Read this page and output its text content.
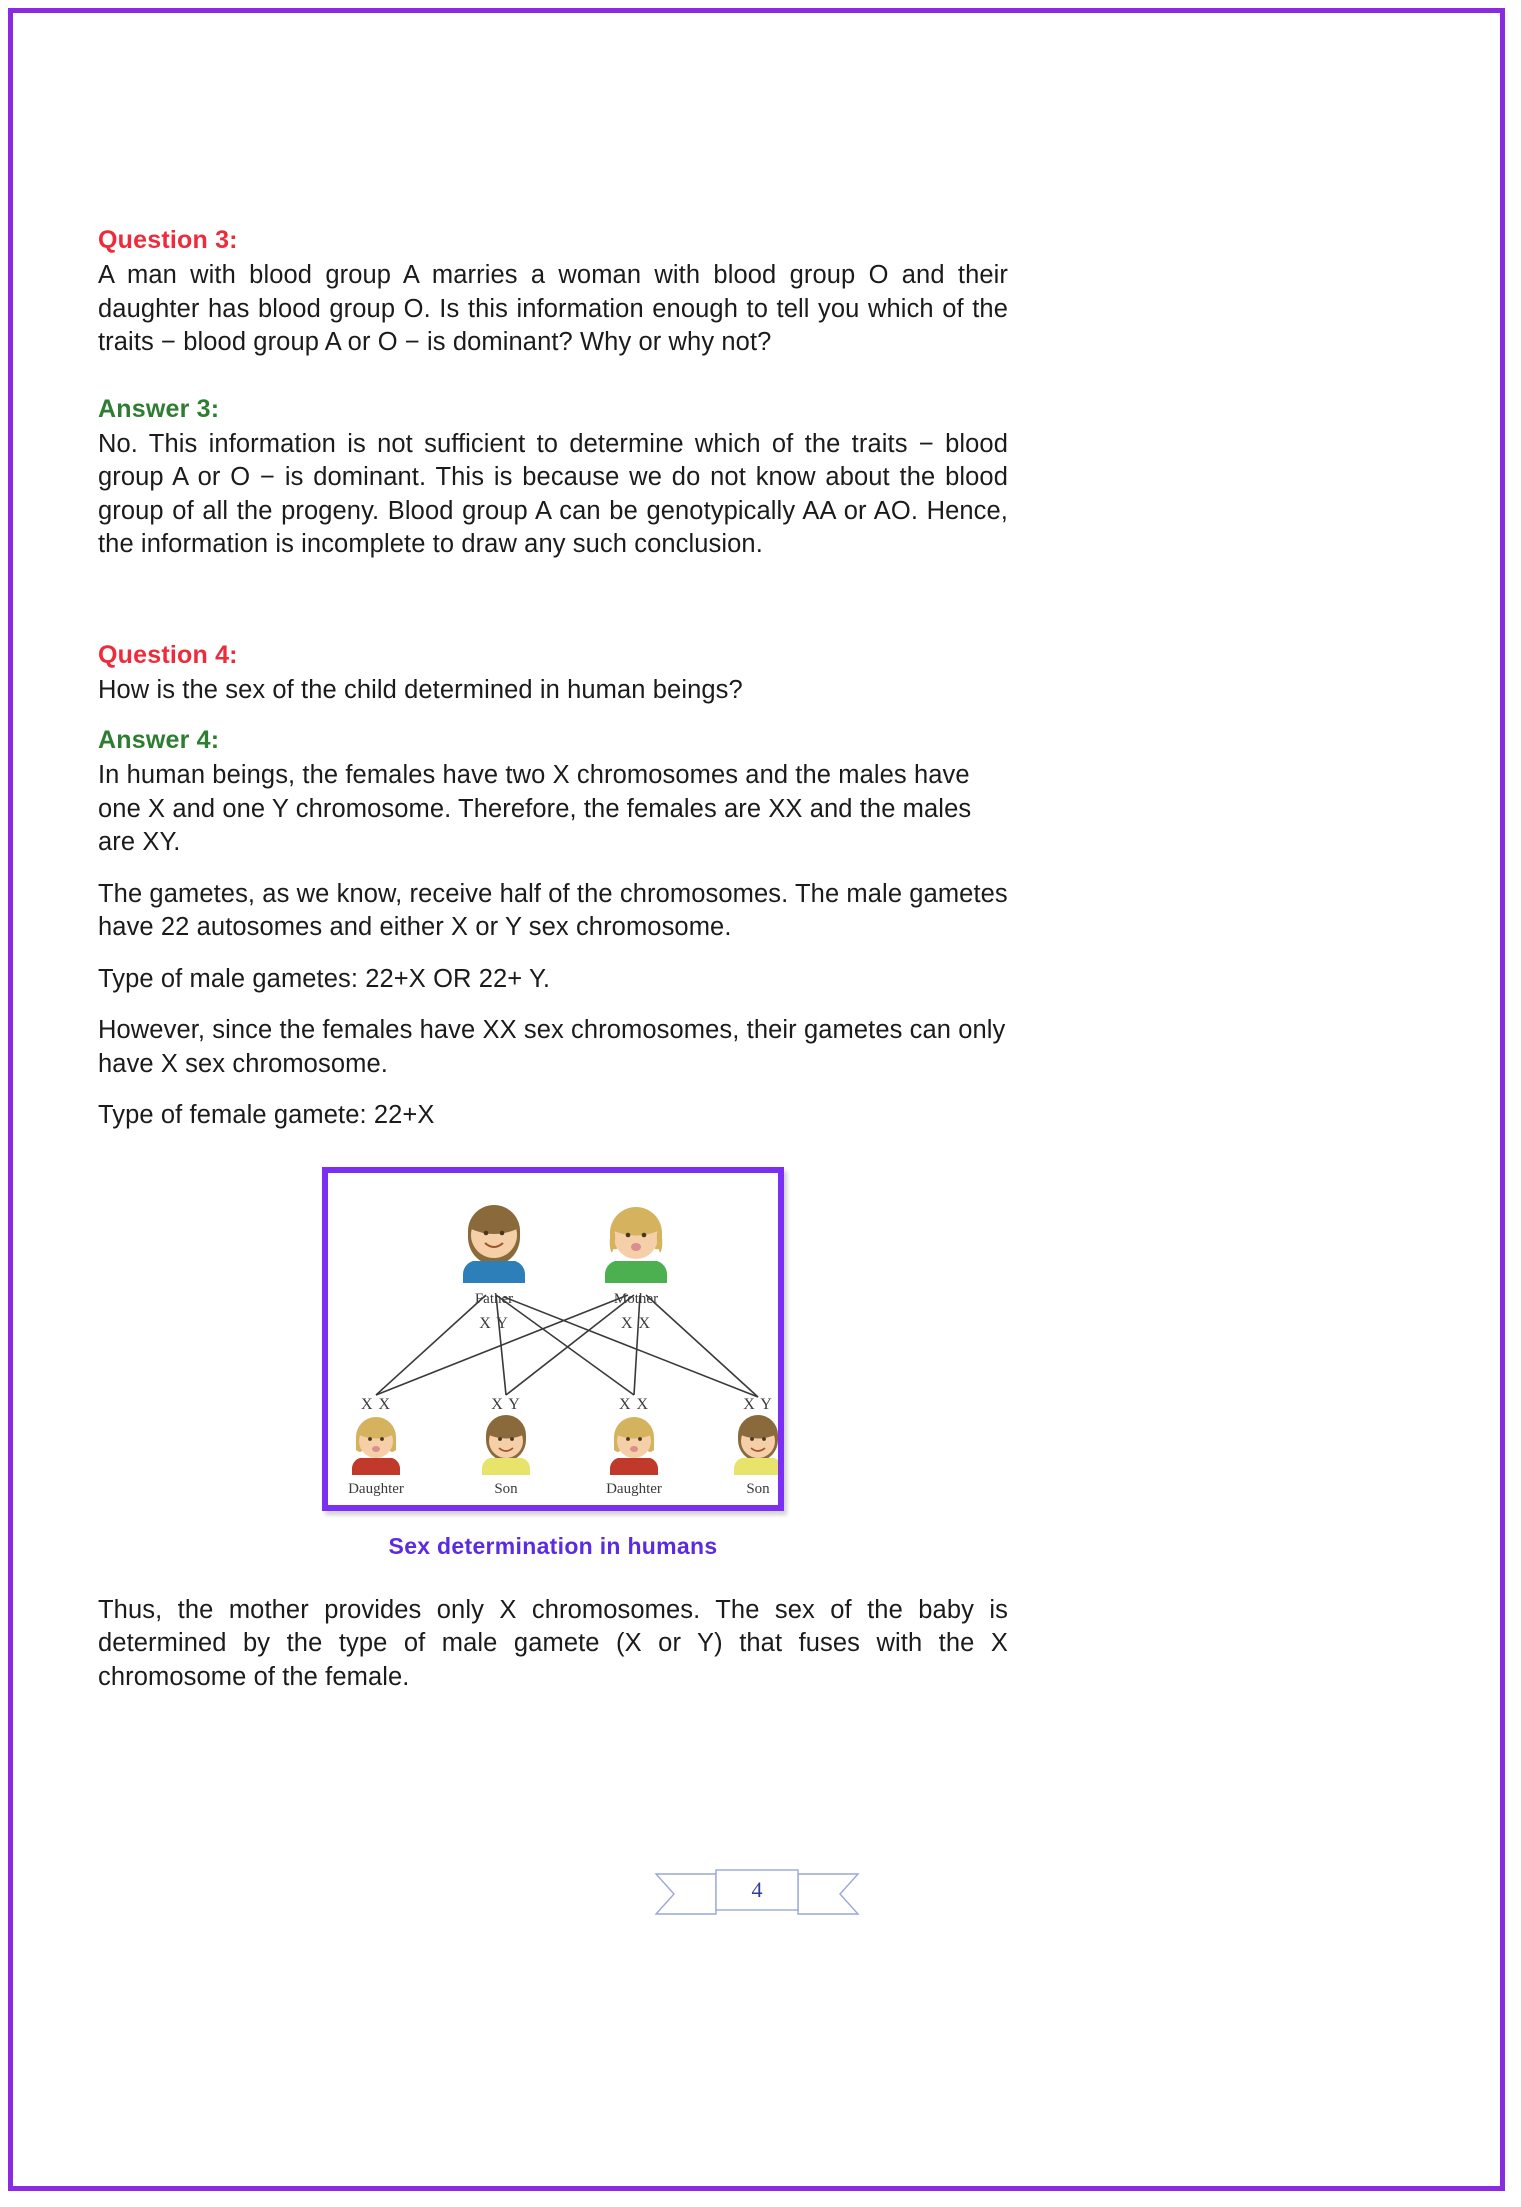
Question 3:

A man with blood group A marries a woman with blood group O and their daughter has blood group O. Is this information enough to tell you which of the traits − blood group A or O − is dominant? Why or why not?

Answer 3:

No. This information is not sufficient to determine which of the traits − blood group A or O − is dominant. This is because we do not know about the blood group of all the progeny. Blood group A can be genotypically AA or AO. Hence, the information is incomplete to draw any such conclusion.

Question 4:

How is the sex of the child determined in human beings?

Answer 4:

In human beings, the females have two X chromosomes and the males have one X and one Y chromosome. Therefore, the females are XX and the males are XY.

The gametes, as we know, receive half of the chromosomes. The male gametes have 22 autosomes and either X or Y sex chromosome.

Type of male gametes: 22+X OR 22+ Y.

However, since the females have XX sex chromosomes, their gametes can only have X sex chromosome.

Type of female gamete: 22+X

Father
X Y
Mother
X X
X X
Daughter
X Y
Son
X X
Daughter
X Y
Son
Sex determination in humans

Thus, the mother provides only X chromosomes. The sex of the baby is determined by the type of male gamete (X or Y) that fuses with the X chromosome of the female.

4
